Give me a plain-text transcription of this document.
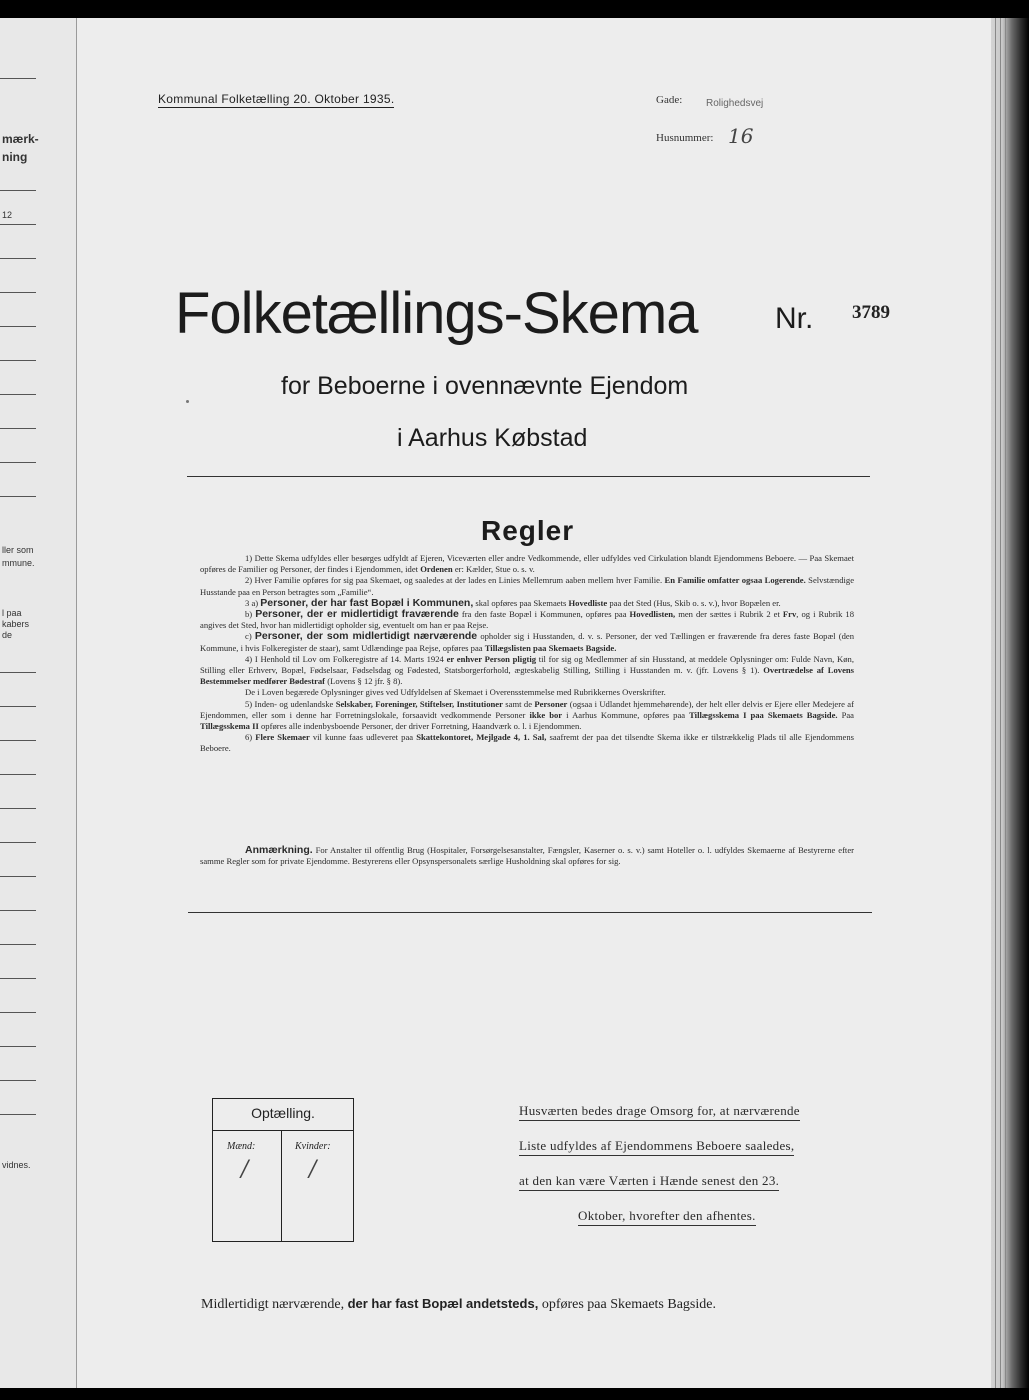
mærk-
ning
12
ller som
mmune.
l paa
kabers
de
vidnes.
Kommunal Folketælling 20. Oktober 1935.	Gade: Rolighedsvej
Husnummer: 16
Folketællings-Skema	Nr. 3789
for Beboerne i ovennævnte Ejendom
i Aarhus Købstad
Regler

1) Dette Skema udfyldes eller besørges udfyldt af Ejeren, Viceværten eller andre Vedkommende, eller udfyldes ved Cirkulation blandt Ejendommens Beboere. — Paa Skemaet opføres de Familier og Personer, der findes i Ejendommen, idet Ordenen er: Kælder, Stue o. s. v.

2) Hver Familie opføres for sig paa Skemaet, og saaledes at der lades en Linies Mellemrum aaben mellem hver Familie. En Familie omfatter ogsaa Logerende. Selvstændige Husstande paa en Person betragtes som „Familie“.

3 a) Personer, der har fast Bopæl i Kommunen, skal opføres paa Skemaets Hovedliste paa det Sted (Hus, Skib o. s. v.), hvor Bopælen er.

b) Personer, der er midlertidigt fraværende fra den faste Bopæl i Kommunen, opføres paa Hovedlisten, men der sættes i Rubrik 2 et Frv, og i Rubrik 18 angives det Sted, hvor han midlertidigt opholder sig, eventuelt om han er paa Rejse.

c) Personer, der som midlertidigt nærværende opholder sig i Husstanden, d. v. s. Personer, der ved Tællingen er fraværende fra deres faste Bopæl (den Kommune, i hvis Folkeregister de staar), samt Udlændinge paa Rejse, opføres paa Tillægslisten paa Skemaets Bagside.

4) I Henhold til Lov om Folkeregistre af 14. Marts 1924 er enhver Person pligtig til for sig og Medlemmer af sin Husstand, at meddele Oplysninger om: Fulde Navn, Køn, Stilling eller Erhverv, Bopæl, Fødselsaar, Fødselsdag og Fødested, Statsborgerforhold, ægteskabelig Stilling, Stilling i Husstanden m. v. (jfr. Lovens § 1). Overtrædelse af Lovens Bestemmelser medfører Bødestraf (Lovens § 12 jfr. § 8).

De i Loven begærede Oplysninger gives ved Udfyldelsen af Skemaet i Overensstemmelse med Rubrikkernes Overskrifter.

5) Inden- og udenlandske Selskaber, Foreninger, Stiftelser, Institutioner samt de Personer (ogsaa i Udlandet hjemmehørende), der helt eller delvis er Ejere eller Medejere af Ejendommen, eller som i denne har Forretningslokale, forsaavidt vedkommende Personer ikke bor i Aarhus Kommune, opføres paa Tillægsskema I paa Skemaets Bagside. Paa Tillægsskema II opføres alle indenbysboende Personer, der driver Forretning, Haandværk o. l. i Ejendommen.

6) Flere Skemaer vil kunne faas udleveret paa Skattekontoret, Mejlgade 4, 1. Sal, saafremt der paa det tilsendte Skema ikke er tilstrækkelig Plads til alle Ejendommens Beboere.

Anmærkning. For Anstalter til offentlig Brug (Hospitaler, Forsørgelsesanstalter, Fængsler, Kaserner o. s. v.) samt Hoteller o. l. udfyldes Skemaerne af Bestyrerne efter samme Regler som for private Ejendomme. Bestyrerens eller Opsynspersonalets særlige Husholdning skal opføres for sig.

Optælling.
Mænd:	Kvinder:
/	/
Husværten bedes drage Omsorg for, at nærværende
Liste udfyldes af Ejendommens Beboere saaledes,
at den kan være Værten i Hænde senest den 23.
Oktober, hvorefter den afhentes.
Midlertidigt nærværende, der har fast Bopæl andetsteds, opføres paa Skemaets Bagside.
